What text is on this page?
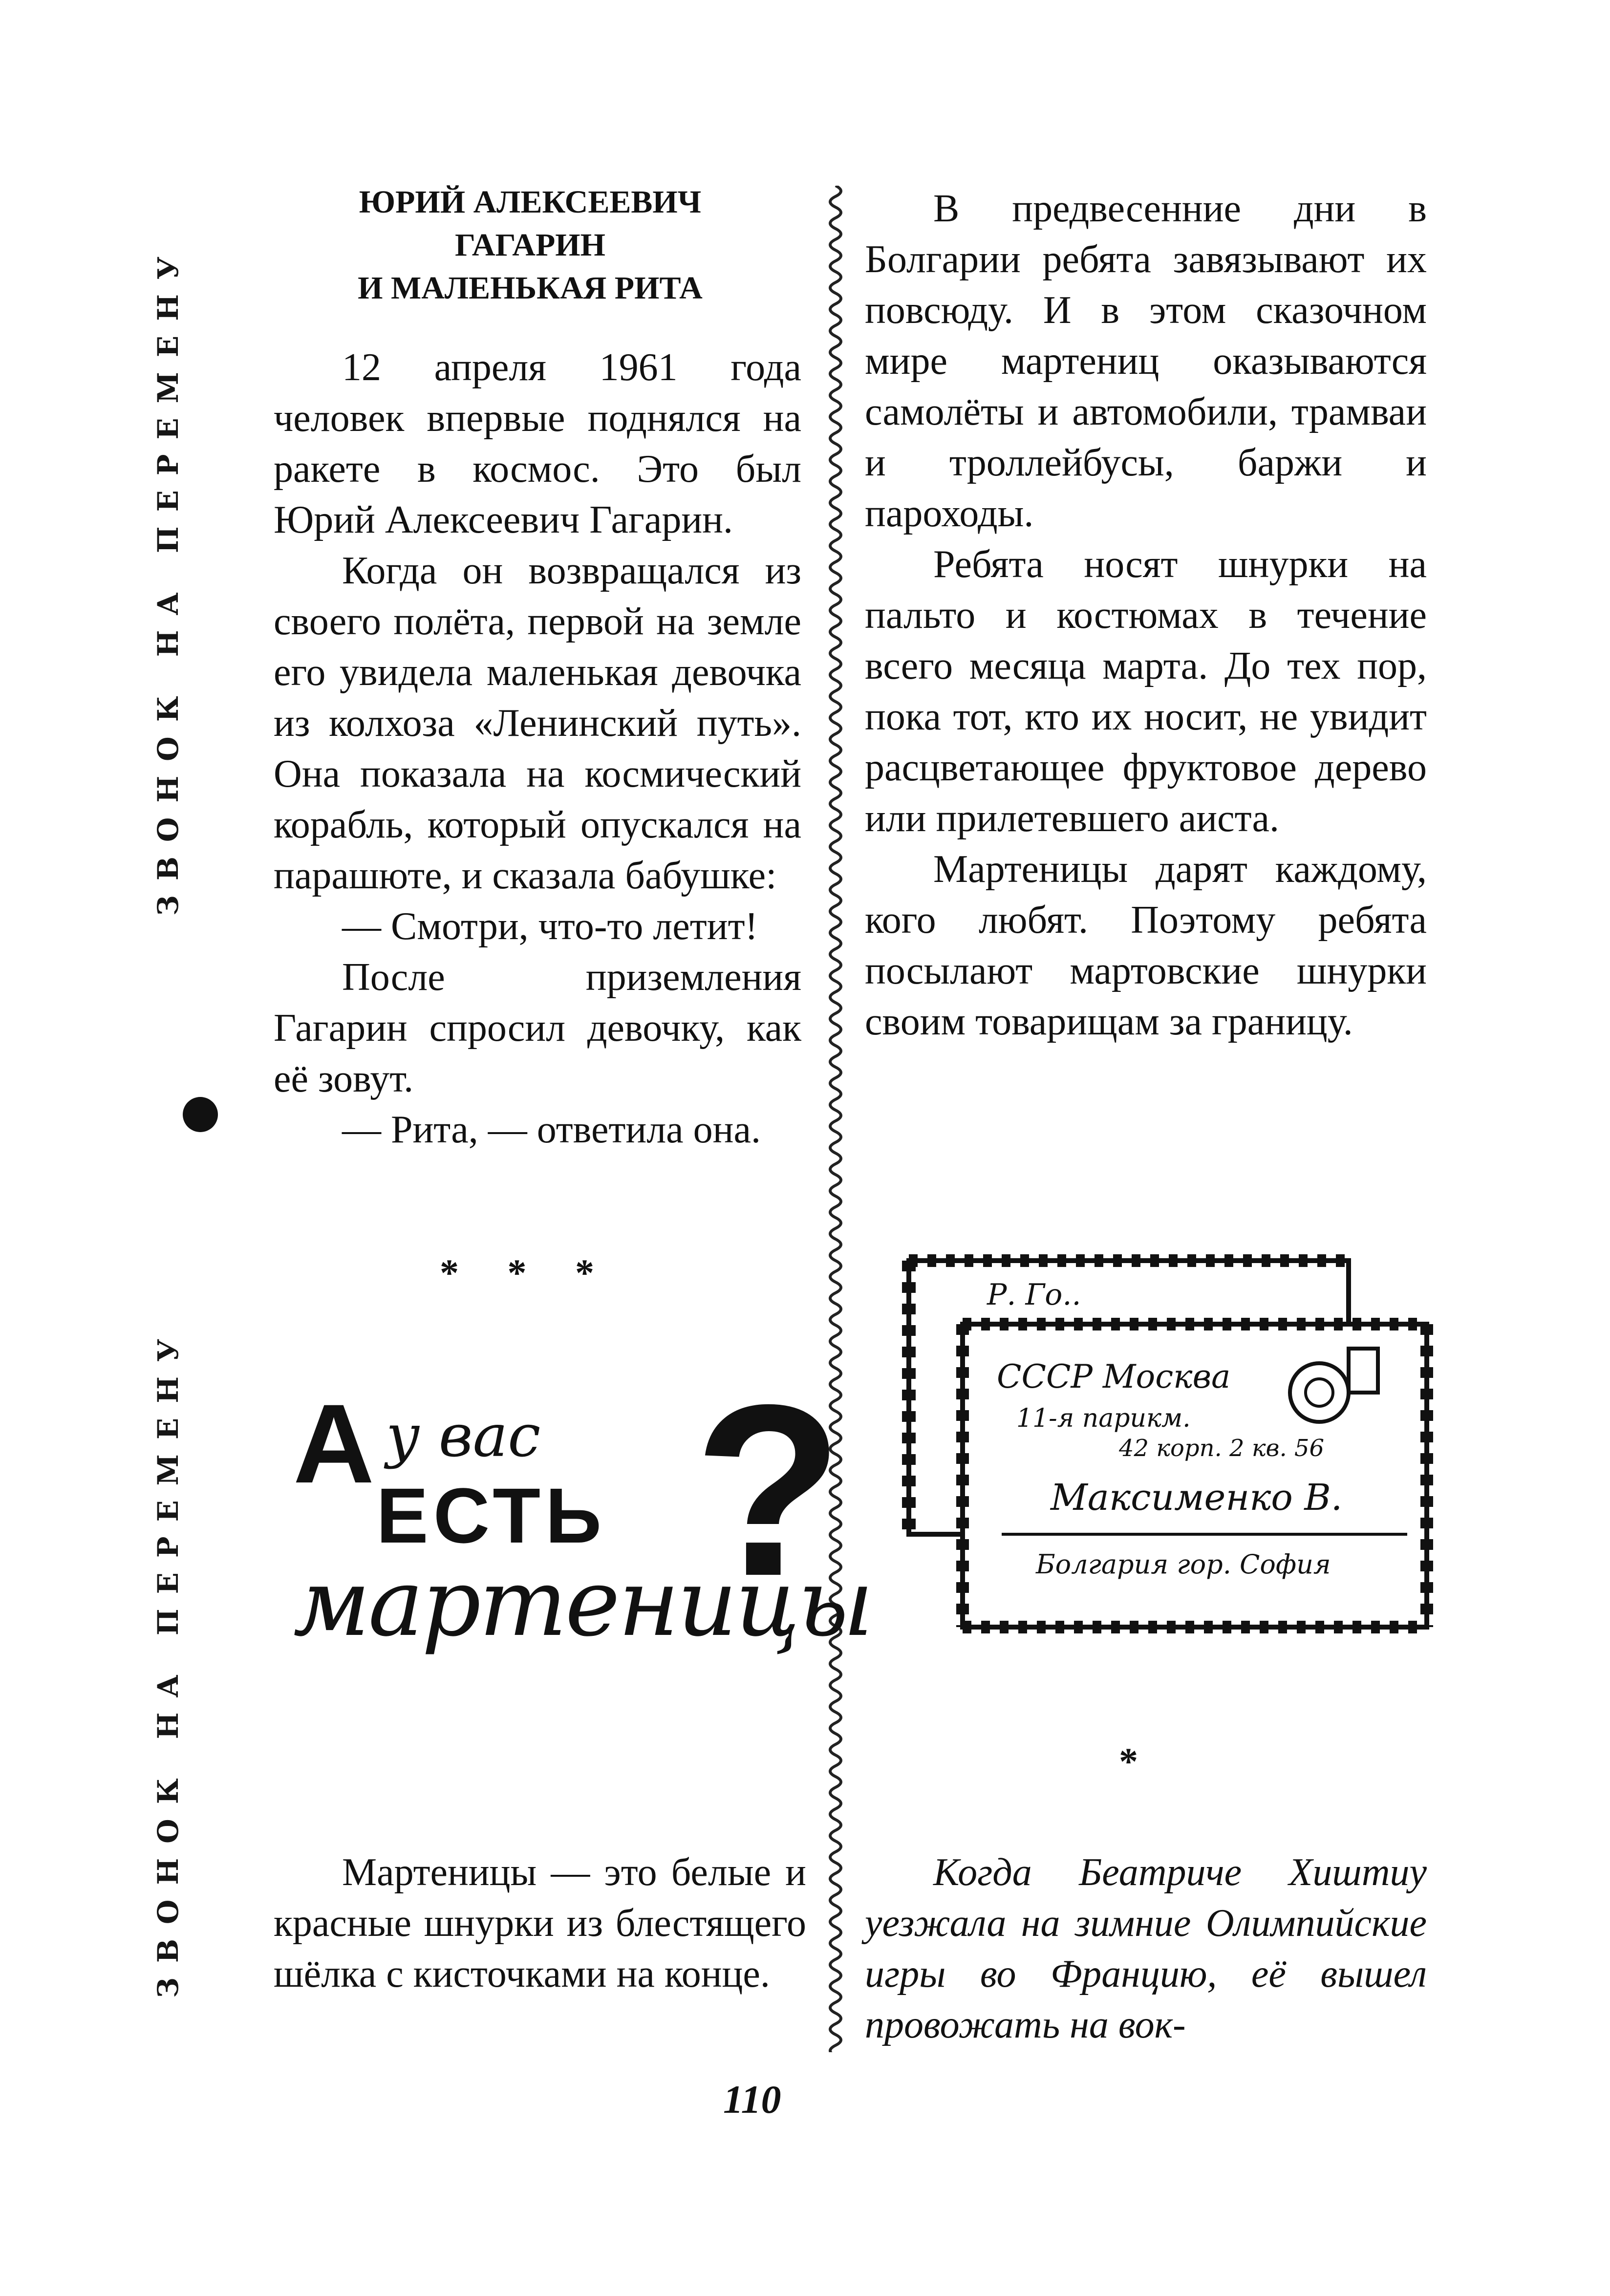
ЗВОНОК НА ПЕРЕМЕНУ
ЗВОНОК НА ПЕРЕМЕНУ
ЮРИЙ АЛЕКСЕЕВИЧ
ГАГАРИН
И МАЛЕНЬКАЯ РИТА

12 апреля 1961 года человек впервые поднялся на ракете в космос. Это был Юрий Алексеевич Гагарин.

Когда он возвращался из своего полёта, первой на земле его увидела маленькая девочка из колхоза «Ленинский путь». Она показала на космический корабль, который опускался на парашюте, и сказала бабушке:

— Смотри, что-то летит!

После приземления Гагарин спросил девочку, как её зовут.

— Рита, — ответила она.

В предвесенние дни в Болгарии ребята завязывают их повсюду. И в этом сказочном мире мартениц оказываются самолёты и автомобили, трамваи и троллейбусы, баржи и пароходы.

Ребята носят шнурки на пальто и костюмах в течение всего месяца марта. До тех пор, пока тот, кто их носит, не увидит расцветающее фруктовое дерево или прилетевшего аиста.

Мартеницы дарят каждому, кого любят. Поэтому ребята посылают мартовские шнурки своим товарищам за границу.

* * *
*
А у вас
ЕСТЬ
мартеницы
?
Р. Го..
СССР Москва
11-я парикм.
42 корп. 2 кв. 56
Максименко В.
Болгария гор. София

Мартеницы — это белые и красные шнурки из блестящего шёлка с кисточками на конце.

Когда Беатриче Хиштиу уезжала на зимние Олимпийские игры во Францию, её вышел провожать на вок-

110
